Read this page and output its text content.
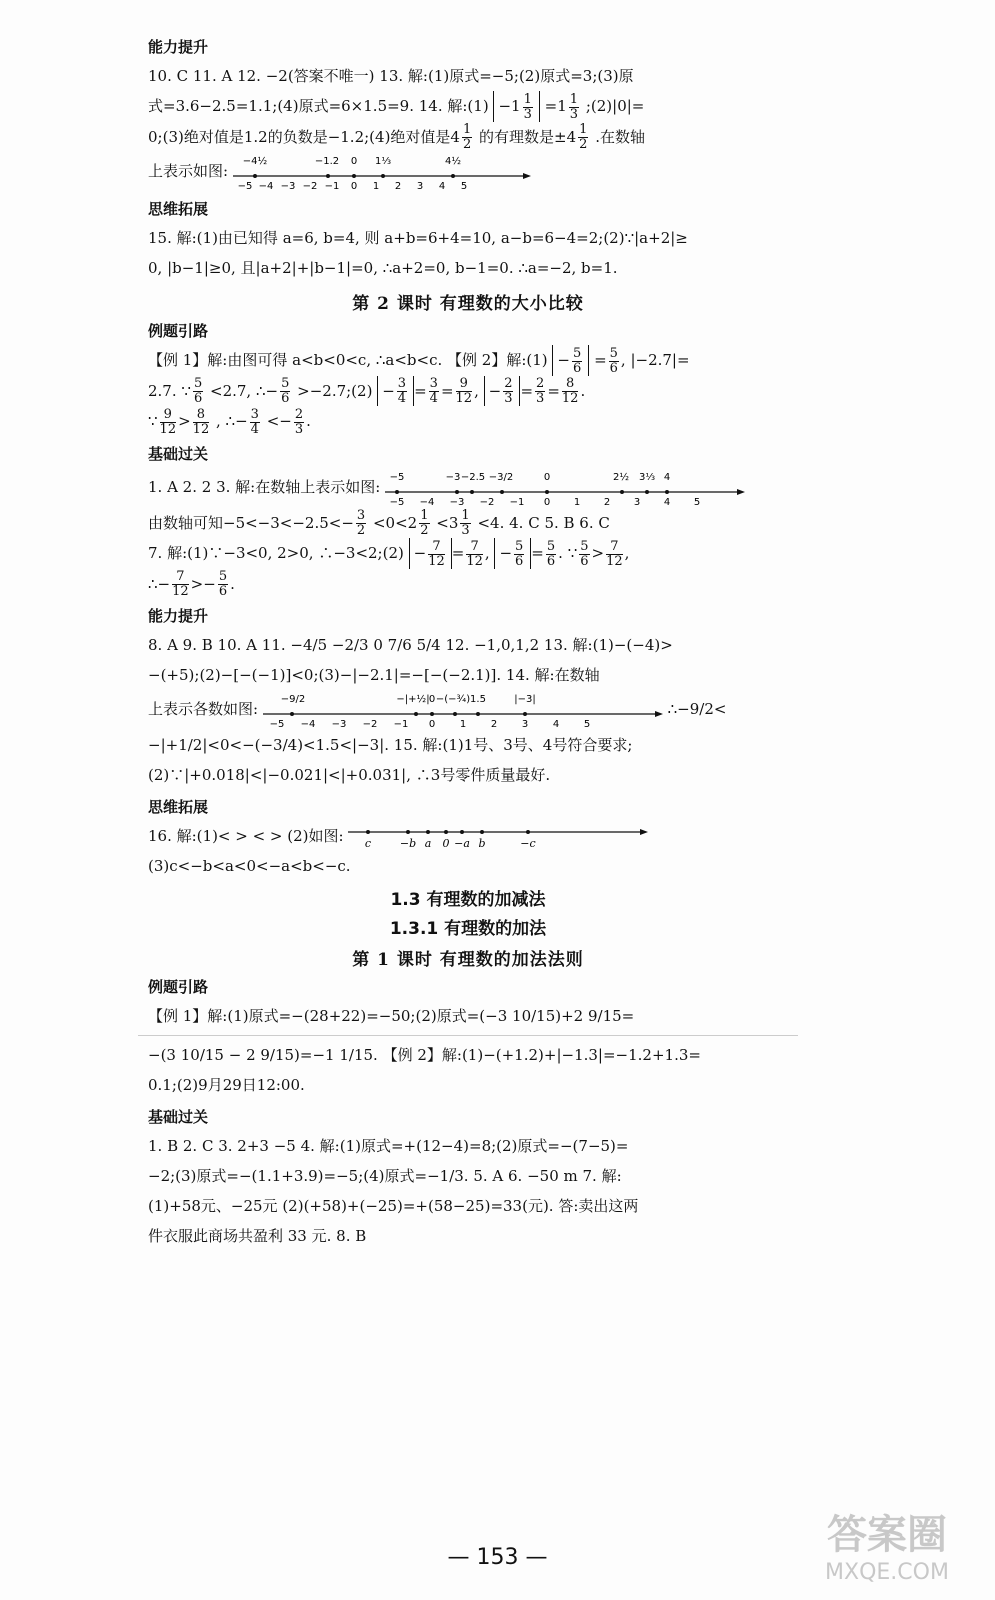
能力提升
10. C 11. A 12. −2(答案不唯一) 13. 解:(1)原式=−5;(2)原式=3;(3)原
式=3.6−2.5=1.1;(4)原式=6×1.5=9. 14. 解:(1) $-1 \frac{1}{3} =1 \frac{1}{3}$ ;(2)|0|=
0;(3)绝对值是1.2的负数是−1.2;(4)绝对值是$4 \frac{1}{2}$ 的有理数是$\pm 4 \frac{1}{2}$ .在数轴
上表示如图:
−5 −4 −3 −2 −1 0 1 2 3 4 5
−4½	−1.2 0 1⅓	4½
思维拓展
15. 解:(1)由已知得 a=6, b=4, 则 a+b=6+4=10, a−b=6−4=2;(2)∵|a+2|≥
0, |b−1|≥0, 且|a+2|+|b−1|=0, ∴a+2=0, b−1=0. ∴a=−2, b=1.
第 2 课时 有理数的大小比较
例题引路
【例 1】解:由图可得 a<b<0<c, ∴a<b<c. 【例 2】解:(1) − $\frac{5}{6} = \frac{5}{6}$ , |−2.7|=
2.7. ∵ $\frac{5}{6} <2.7$, ∴− $\frac{5}{6}$ >−2.7;(2) − $\frac{3}{4} = \frac{3}{4} = \frac{9}{12}$ , − $\frac{2}{3} = \frac{2}{3} = \frac{8}{12}$ .
∵ $\frac{9}{12} > \frac{8}{12}$ , ∴− $\frac{3}{4} <- \frac{2}{3}$ .
基础过关
1. A 2. 2 3. 解:在数轴上表示如图:
−5 −4 −3 −2 −1 0 1 2 3 4 5
−5	−3 −2.5 −3/2	0	2½ 3⅓ 4
由数轴可知$-5<-3<-2.5<- \frac{3}{2} <0<2 \frac{1}{2} <3 \frac{1}{3} <4$. 4. C 5. B 6. C
7. 解:(1)∵−3<0, 2>0, ∴−3<2;(2) − $\frac{7}{12} = \frac{7}{12}$ , − $\frac{5}{6} = \frac{5}{6}$ . ∵ $\frac{5}{6} > \frac{7}{12}$ ,
∴− $\frac{7}{12} >- \frac{5}{6}$ .
能力提升
8. A 9. B 10. A 11. −4/5 −2/3 0 7/6 5/4 12. −1,0,1,2 13. 解:(1)−(−4)>
−(+5);(2)−[−(−1)]<0;(3)−|−2.1|=−[−(−2.1)]. 14. 解:在数轴
上表示各数如图:
−5 −4 −3 −2 −1 0 1 2 3 4 5
−9/2	−|+½| 0 −(−¾) 1.5	|−3|
∴−9/2<
−|+1/2|<0<−(−3/4)<1.5<|−3|. 15. 解:(1)1号、3号、4号符合要求;
(2)∵|+0.018|<|−0.021|<|+0.031|, ∴3号零件质量最好.
思维拓展
16. 解:(1)< > < > (2)如图: c	−b a 0 −a b	−c
(3)c<−b<a<0<−a<b<−c.
1.3 有理数的加减法
1.3.1 有理数的加法
第 1 课时 有理数的加法法则
例题引路
【例 1】解:(1)原式=−(28+22)=−50;(2)原式=(−3 10/15)+2 9/15=
−(3 10/15 − 2 9/15)=−1 1/15. 【例 2】解:(1)−(+1.2)+|−1.3|=−1.2+1.3=
0.1;(2)9月29日12:00.
基础过关
1. B 2. C 3. 2+3 −5 4. 解:(1)原式=+(12−4)=8;(2)原式=−(7−5)=
−2;(3)原式=−(1.1+3.9)=−5;(4)原式=−1/3. 5. A 6. −50 m 7. 解:
(1)+58元、−25元 (2)(+58)+(−25)=+(58−25)=33(元). 答:卖出这两
件衣服此商场共盈利 33 元. 8. B
— 153 —	答案圈
MXQE.COM
